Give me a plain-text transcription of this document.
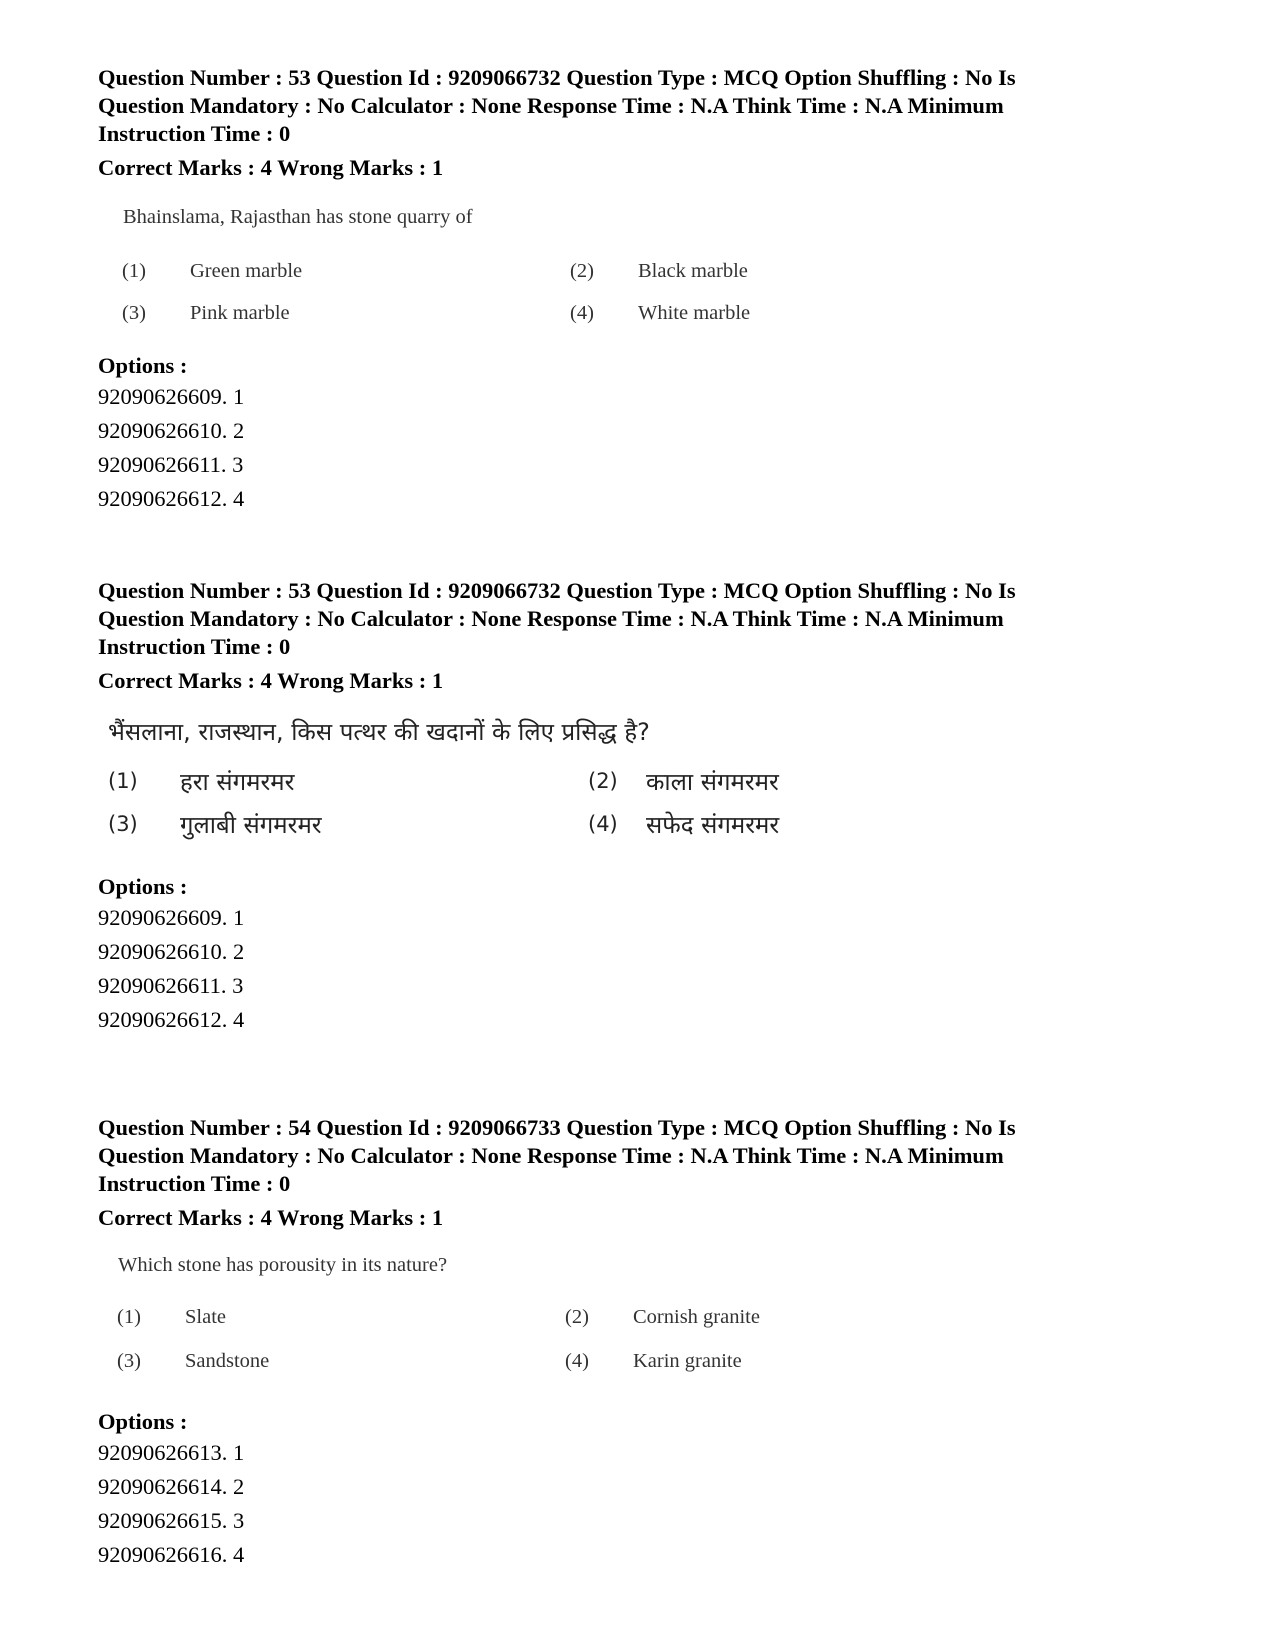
Question Number : 53 Question Id : 9209066732 Question Type : MCQ Option Shuffling : No Is
Question Mandatory : No Calculator : None Response Time : N.A Think Time : N.A Minimum
Instruction Time : 0
Correct Marks : 4 Wrong Marks : 1
Bhainslama, Rajasthan has stone quarry of
(1) Green marble	(2) Black marble
(3) Pink marble	(4) White marble
Options :
92090626609. 1
92090626610. 2
92090626611. 3
92090626612. 4
Question Number : 53 Question Id : 9209066732 Question Type : MCQ Option Shuffling : No Is
Question Mandatory : No Calculator : None Response Time : N.A Think Time : N.A Minimum
Instruction Time : 0
Correct Marks : 4 Wrong Marks : 1
भैंसलाना, राजस्थान, किस पत्थर की खदानों के लिए प्रसिद्ध है?
(1) हरा संगमरमर	(2) काला संगमरमर
(3) गुलाबी संगमरमर	(4) सफेद संगमरमर
Options :
92090626609. 1
92090626610. 2
92090626611. 3
92090626612. 4
Question Number : 54 Question Id : 9209066733 Question Type : MCQ Option Shuffling : No Is
Question Mandatory : No Calculator : None Response Time : N.A Think Time : N.A Minimum
Instruction Time : 0
Correct Marks : 4 Wrong Marks : 1
Which stone has porousity in its nature?
(1) Slate	(2) Cornish granite
(3) Sandstone	(4) Karin granite
Options :
92090626613. 1
92090626614. 2
92090626615. 3
92090626616. 4
